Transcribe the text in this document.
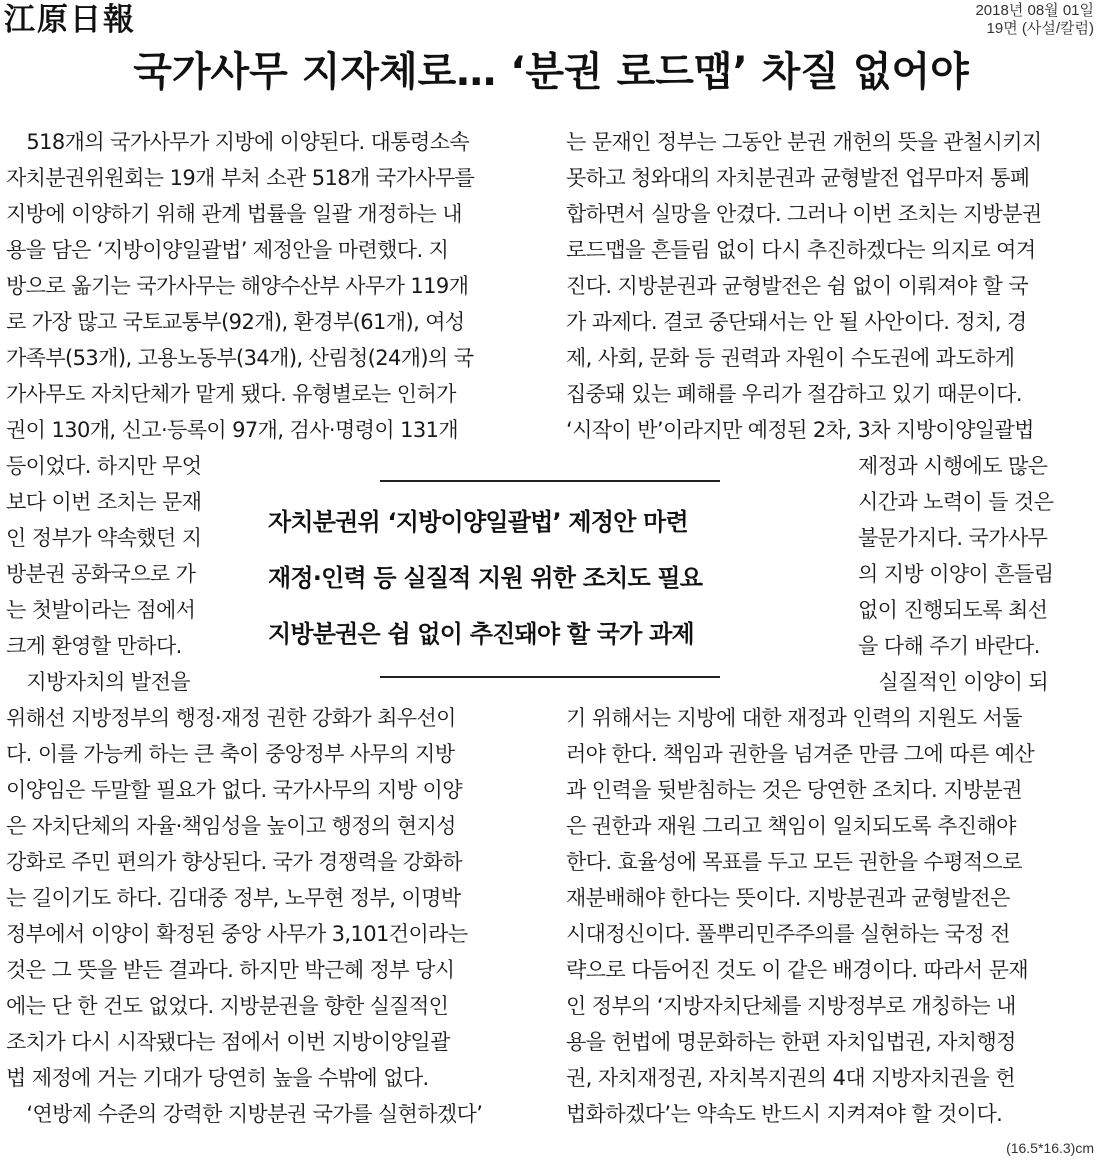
江原日報	2018년 08월 01일
19면 (사설/칼럼)
국가사무 지자체로… ‘분권 로드맵’ 차질 없어야
　518개의 국가사무가 지방에 이양된다. 대통령소속
자치분권위원회는 19개 부처 소관 518개 국가사무를
지방에 이양하기 위해 관계 법률을 일괄 개정하는 내
용을 담은 ‘지방이양일괄법’ 제정안을 마련했다. 지
방으로 옮기는 국가사무는 해양수산부 사무가 119개
로 가장 많고 국토교통부(92개), 환경부(61개), 여성
가족부(53개), 고용노동부(34개), 산림청(24개)의 국
가사무도 자치단체가 맡게 됐다. 유형별로는 인허가
권이 130개, 신고·등록이 97개, 검사·명령이 131개
등이었다. 하지만 무엇
보다 이번 조치는 문재
인 정부가 약속했던 지
방분권 공화국으로 가
는 첫발이라는 점에서
크게 환영할 만하다.
　지방자치의 발전을
위해선 지방정부의 행정·재정 권한 강화가 최우선이
다. 이를 가능케 하는 큰 축이 중앙정부 사무의 지방
이양임은 두말할 필요가 없다. 국가사무의 지방 이양
은 자치단체의 자율·책임성을 높이고 행정의 현지성
강화로 주민 편의가 향상된다. 국가 경쟁력을 강화하
는 길이기도 하다. 김대중 정부, 노무현 정부, 이명박
정부에서 이양이 확정된 중앙 사무가 3,101건이라는
것은 그 뜻을 받든 결과다. 하지만 박근혜 정부 당시
에는 단 한 건도 없었다. 지방분권을 향한 실질적인
조치가 다시 시작됐다는 점에서 이번 지방이양일괄
법 제정에 거는 기대가 당연히 높을 수밖에 없다.
　‘연방제 수준의 강력한 지방분권 국가를 실현하겠다’
는 문재인 정부는 그동안 분권 개헌의 뜻을 관철시키지
못하고 청와대의 자치분권과 균형발전 업무마저 통폐
합하면서 실망을 안겼다. 그러나 이번 조치는 지방분권
로드맵을 흔들림 없이 다시 추진하겠다는 의지로 여겨
진다. 지방분권과 균형발전은 쉼 없이 이뤄져야 할 국
가 과제다. 결코 중단돼서는 안 될 사안이다. 정치, 경
제, 사회, 문화 등 권력과 자원이 수도권에 과도하게
집중돼 있는 폐해를 우리가 절감하고 있기 때문이다.
‘시작이 반’이라지만 예정된 2차, 3차 지방이양일괄법
제정과 시행에도 많은
시간과 노력이 들 것은
불문가지다. 국가사무
의 지방 이양이 흔들림
없이 진행되도록 최선
을 다해 주기 바란다.
　실질적인 이양이 되
기 위해서는 지방에 대한 재정과 인력의 지원도 서둘
러야 한다. 책임과 권한을 넘겨준 만큼 그에 따른 예산
과 인력을 뒷받침하는 것은 당연한 조치다. 지방분권
은 권한과 재원 그리고 책임이 일치되도록 추진해야
한다. 효율성에 목표를 두고 모든 권한을 수평적으로
재분배해야 한다는 뜻이다. 지방분권과 균형발전은
시대정신이다. 풀뿌리민주주의를 실현하는 국정 전
략으로 다듬어진 것도 이 같은 배경이다. 따라서 문재
인 정부의 ‘지방자치단체를 지방정부로 개칭하는 내
용을 헌법에 명문화하는 한편 자치입법권, 자치행정
권, 자치재정권, 자치복지권의 4대 지방자치권을 헌
법화하겠다’는 약속도 반드시 지켜져야 할 것이다.
자치분권위 ‘지방이양일괄법’ 제정안 마련
재정·인력 등 실질적 지원 위한 조치도 필요
지방분권은 쉼 없이 추진돼야 할 국가 과제
(16.5*16.3)cm
